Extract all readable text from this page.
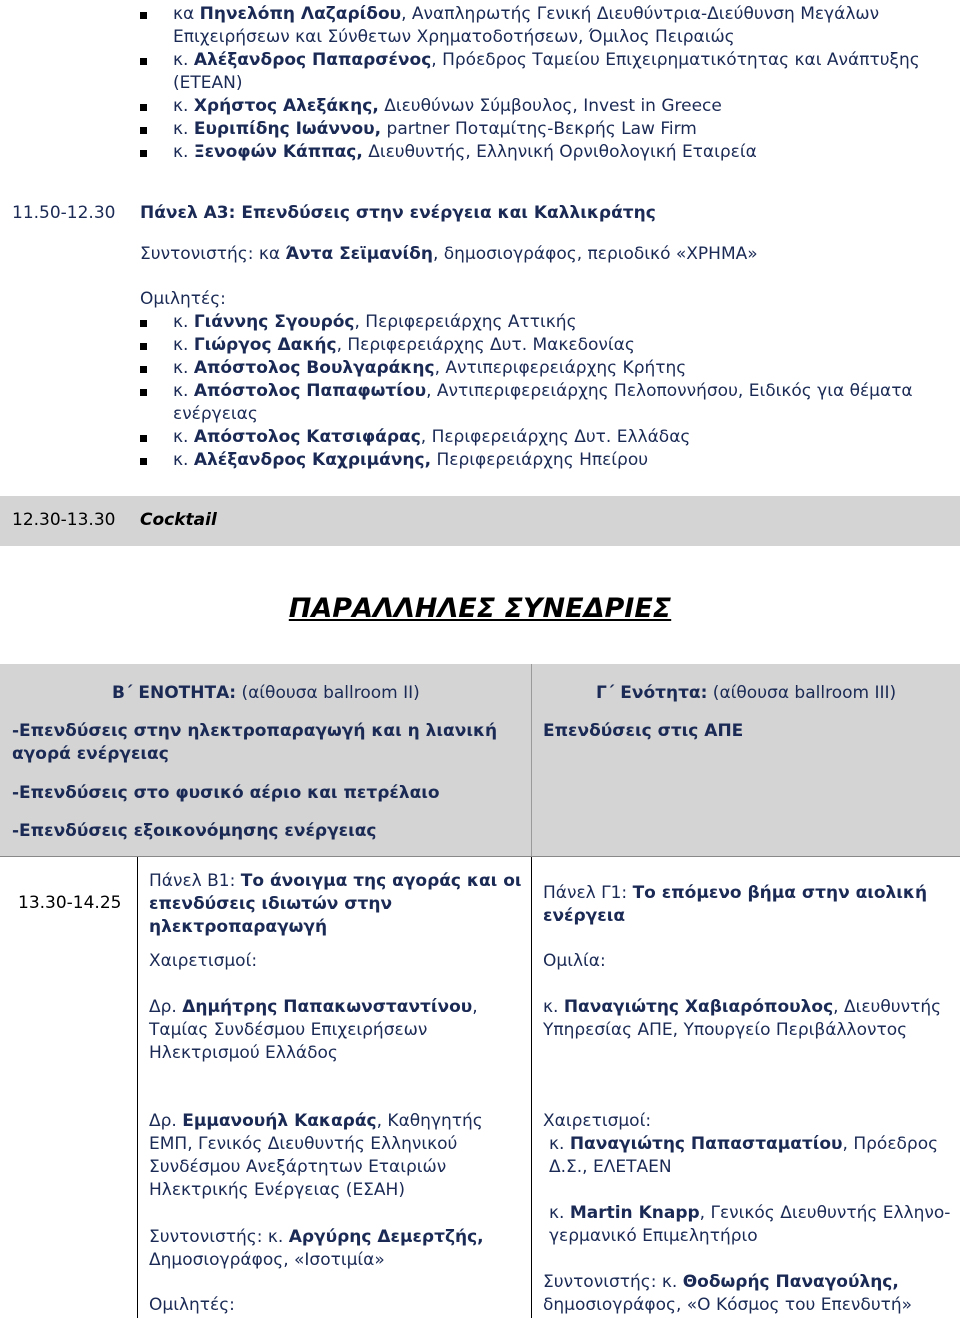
κα Πηνελόπη Λαζαρίδου, Αναπληρωτής Γενική Διευθύντρια-Διεύθυνση Μεγάλων
Επιχειρήσεων και Σύνθετων Χρηματοδοτήσεων, Όμιλος Πειραιώς
κ. Αλέξανδρος Παπαρσένος, Πρόεδρος Ταμείου Επιχειρηματικότητας και Ανάπτυξης
(ΕΤΕΑΝ)
κ. Χρήστος Αλεξάκης, Διευθύνων Σύμβουλος, Invest in Greece
κ. Ευριπίδης Ιωάννου, partner Ποταμίτης-Βεκρής Law Firm
κ. Ξενοφών Κάππας, Διευθυντής, Ελληνική Ορνιθολογική Εταιρεία
11.50-12.30 Πάνελ Α3: Επενδύσεις στην ενέργεια και Καλλικράτης
Συντονιστής: κα Άντα Σεϊμανίδη, δημοσιογράφος, περιοδικό «ΧΡΗΜΑ»
Ομιλητές:
κ. Γιάννης Σγουρός, Περιφερειάρχης Αττικής
κ. Γιώργος Δακής, Περιφερειάρχης Δυτ. Μακεδονίας
κ. Απόστολος Βουλγαράκης, Αντιπεριφερειάρχης Κρήτης
κ. Απόστολος Παπαφωτίου, Αντιπεριφερειάρχης Πελοποννήσου, Ειδικός για θέματα
ενέργειας
κ. Απόστολος Κατσιφάρας, Περιφερειάρχης Δυτ. Ελλάδας
κ. Αλέξανδρος Καχριμάνης, Περιφερειάρχης Ηπείρου
12.30-13.30 Cocktail
ΠΑΡΑΛΛΗΛΕΣ ΣΥΝΕΔΡΙΕΣ
Β΄ ΕΝΟΤΗΤΑ: (αίθουσα ballroom II)
-Επενδύσεις στην ηλεκτροπαραγωγή και η λιανική
αγορά ενέργειας
-Επενδύσεις στο φυσικό αέριο και πετρέλαιο
-Επενδύσεις εξοικονόμησης ενέργειας
Γ΄ Ενότητα: (αίθουσα ballroom III)
Επενδύσεις στις ΑΠΕ
13.30-14.25
Πάνελ Β1: Το άνοιγμα της αγοράς και οι
επενδύσεις ιδιωτών στην
ηλεκτροπαραγωγή
Χαιρετισμοί:
Δρ. Δημήτρης Παπακωνσταντίνου,
Ταμίας Συνδέσμου Επιχειρήσεων
Ηλεκτρισμού Ελλάδος
Δρ. Εμμανουήλ Κακαράς, Καθηγητής
ΕΜΠ, Γενικός Διευθυντής Ελληνικού
Συνδέσμου Ανεξάρτητων Εταιριών
Ηλεκτρικής Ενέργειας (ΕΣΑΗ)
Συντονιστής: κ. Αργύρης Δεμερτζής,
Δημοσιογράφος, «Ισοτιμία»
Ομιλητές:
Πάνελ Γ1: Το επόμενο βήμα στην αιολική
ενέργεια
Ομιλία:
κ. Παναγιώτης Χαβιαρόπουλος, Διευθυντής
Υπηρεσίας ΑΠΕ, Υπουργείο Περιβάλλοντος
Χαιρετισμοί:
κ. Παναγιώτης Παπασταματίου, Πρόεδρος
Δ.Σ., ΕΛΕΤΑΕΝ
κ. Martin Knapp, Γενικός Διευθυντής Ελληνο-
γερμανικό Επιμελητήριο
Συντονιστής: κ. Θοδωρής Παναγούλης,
δημοσιογράφος, «Ο Κόσμος του Επενδυτή»
